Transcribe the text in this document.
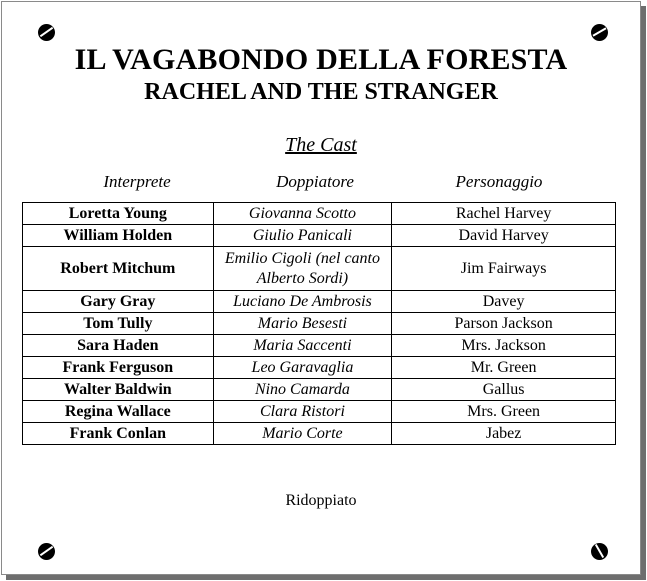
IL VAGABONDO DELLA FORESTA
RACHEL AND THE STRANGER
The Cast
Interprete	Doppiatore	Personaggio
Loretta Young	Giovanna Scotto	Rachel Harvey
William Holden	Giulio Panicali	David Harvey
Robert Mitchum	Emilio Cigoli (nel canto Alberto Sordi)	Jim Fairways
Gary Gray	Luciano De Ambrosis	Davey
Tom Tully	Mario Besesti	Parson Jackson
Sara Haden	Maria Saccenti	Mrs. Jackson
Frank Ferguson	Leo Garavaglia	Mr. Green
Walter Baldwin	Nino Camarda	Gallus
Regina Wallace	Clara Ristori	Mrs. Green
Frank Conlan	Mario Corte	Jabez
Ridoppiato
